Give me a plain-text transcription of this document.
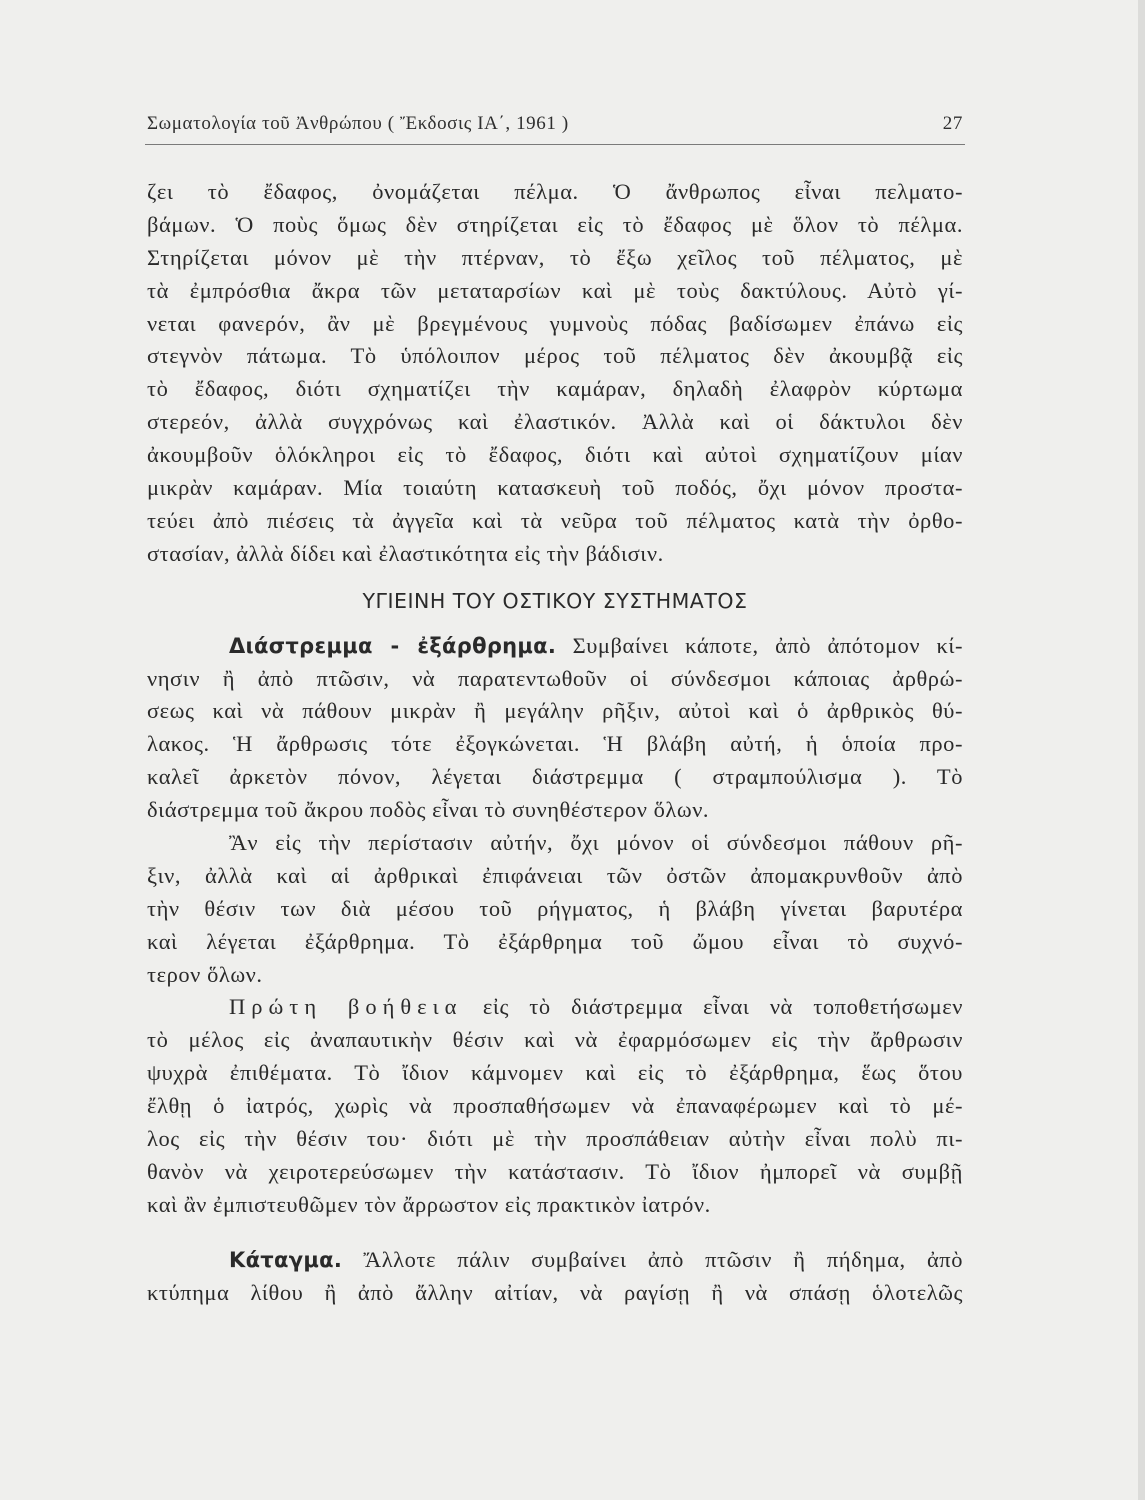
Σωματολογία τοῦ Ἀνθρώπου ( Ἔκδοσις ΙΑ΄, 1961 )	27
ζει τὸ ἔδαφος, ὀνομάζεται πέλμα. Ὁ ἄνθρωπος εἶναι πελματο-
βάμων. Ὁ ποὺς ὅμως δὲν στηρίζεται εἰς τὸ ἔδαφος μὲ ὅλον τὸ πέλμα.
Στηρίζεται μόνον μὲ τὴν πτέρναν, τὸ ἔξω χεῖλος τοῦ πέλματος, μὲ
τὰ ἐμπρόσθια ἄκρα τῶν μεταταρσίων καὶ μὲ τοὺς δακτύλους. Αὐτὸ γί-
νεται φανερόν, ἂν μὲ βρεγμένους γυμνοὺς πόδας βαδίσωμεν ἐπάνω εἰς
στεγνὸν πάτωμα. Τὸ ὑπόλοιπον μέρος τοῦ πέλματος δὲν ἀκουμβᾷ εἰς
τὸ ἔδαφος, διότι σχηματίζει τὴν καμάραν, δηλαδὴ ἐλαφρὸν κύρτωμα
στερεόν, ἀλλὰ συγχρόνως καὶ ἐλαστικόν. Ἀλλὰ καὶ οἱ δάκτυλοι δὲν
ἀκουμβοῦν ὁλόκληροι εἰς τὸ ἔδαφος, διότι καὶ αὐτοὶ σχηματίζουν μίαν
μικρὰν καμάραν. Μία τοιαύτη κατασκευὴ τοῦ ποδός, ὄχι μόνον προστα-
τεύει ἀπὸ πιέσεις τὰ ἀγγεῖα καὶ τὰ νεῦρα τοῦ πέλματος κατὰ τὴν ὀρθο-
στασίαν, ἀλλὰ δίδει καὶ ἐλαστικότητα εἰς τὴν βάδισιν.
ΥΓΙΕΙΝΗ ΤΟΥ ΟΣΤΙΚΟΥ ΣΥΣΤΗΜΑΤΟΣ
Διάστρεμμα - ἐξάρθρημα. Συμβαίνει κάποτε, ἀπὸ ἀπότομον κί-
νησιν ἢ ἀπὸ πτῶσιν, νὰ παρατεντωθοῦν οἱ σύνδεσμοι κάποιας ἀρθρώ-
σεως καὶ νὰ πάθουν μικρὰν ἢ μεγάλην ρῆξιν, αὐτοὶ καὶ ὁ ἀρθρικὸς θύ-
λακος. Ἡ ἄρθρωσις τότε ἐξογκώνεται. Ἡ βλάβη αὐτή, ἡ ὁποία προ-
καλεῖ ἀρκετὸν πόνον, λέγεται διάστρεμμα ( στραμπούλισμα ). Τὸ
διάστρεμμα τοῦ ἄκρου ποδὸς εἶναι τὸ συνηθέστερον ὅλων.
Ἂν εἰς τὴν περίστασιν αὐτήν, ὄχι μόνον οἱ σύνδεσμοι πάθουν ρῆ-
ξιν, ἀλλὰ καὶ αἱ ἀρθρικαὶ ἐπιφάνειαι τῶν ὀστῶν ἀπομακρυνθοῦν ἀπὸ
τὴν θέσιν των διὰ μέσου τοῦ ρήγματος, ἡ βλάβη γίνεται βαρυτέρα
καὶ λέγεται ἐξάρθρημα. Τὸ ἐξάρθρημα τοῦ ὤμου εἶναι τὸ συχνό-
τερον ὅλων.
Πρώτη βοήθεια εἰς τὸ διάστρεμμα εἶναι νὰ τοποθετήσωμεν
τὸ μέλος εἰς ἀναπαυτικὴν θέσιν καὶ νὰ ἐφαρμόσωμεν εἰς τὴν ἄρθρωσιν
ψυχρὰ ἐπιθέματα. Τὸ ἴδιον κάμνομεν καὶ εἰς τὸ ἐξάρθρημα, ἕως ὅτου
ἔλθῃ ὁ ἰατρός, χωρὶς νὰ προσπαθήσωμεν νὰ ἐπαναφέρωμεν καὶ τὸ μέ-
λος εἰς τὴν θέσιν του· διότι μὲ τὴν προσπάθειαν αὐτὴν εἶναι πολὺ πι-
θανὸν νὰ χειροτερεύσωμεν τὴν κατάστασιν. Τὸ ἴδιον ἠμπορεῖ νὰ συμβῇ
καὶ ἂν ἐμπιστευθῶμεν τὸν ἄρρωστον εἰς πρακτικὸν ἰατρόν.
Κάταγμα. Ἄλλοτε πάλιν συμβαίνει ἀπὸ πτῶσιν ἢ πήδημα, ἀπὸ
κτύπημα λίθου ἢ ἀπὸ ἄλλην αἰτίαν, νὰ ραγίσῃ ἢ νὰ σπάσῃ ὁλοτελῶς
